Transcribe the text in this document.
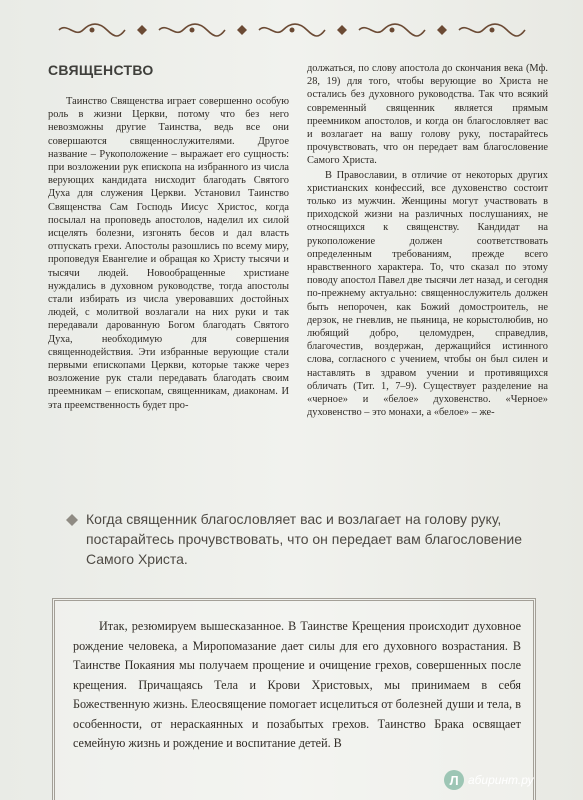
СВЯЩЕНСТВО

Таинство Священства играет совершенно особую роль в жизни Церкви, потому что без него невозможны другие Таинства, ведь все они совершаются священнослужителями. Другое название – Рукоположение – выражает его сущность: при возложении рук епископа на избранного из числа верующих кандидата нисходит благодать Святого Духа для служения Церкви. Установил Таинство Священства Сам Господь Иисус Христос, когда посылал на проповедь апостолов, наделил их силой исцелять болезни, изгонять бесов и дал власть отпускать грехи. Апостолы разошлись по всему миру, проповедуя Евангелие и обращая ко Христу тысячи и тысячи людей. Новообращенные христиане нуждались в духовном руководстве, тогда апостолы стали избирать из числа уверовавших достойных людей, с молитвой возлагали на них руки и так передавали дарованную Богом благодать Святого Духа, необходимую для совершения священнодействия. Эти избранные верующие стали первыми епископами Церкви, которые также через возложение рук стали передавать благодать своим преемникам – епископам, священникам, диаконам. И эта преемственность будет про-

должаться, по слову апостола до скончания века (Мф. 28, 19) для того, чтобы верующие во Христа не остались без духовного руководства. Так что всякий современный священник является прямым преемником апостолов, и когда он благословляет вас и возлагает на вашу голову руку, постарайтесь прочувствовать, что он передает вам благословение Самого Христа.

В Православии, в отличие от некоторых других христианских конфессий, все духовенство состоит только из мужчин. Женщины могут участвовать в приходской жизни на различных послушаниях, не относящихся к священству. Кандидат на рукоположение должен соответствовать определенным требованиям, прежде всего нравственного характера. То, что сказал по этому поводу апостол Павел две тысячи лет назад, и сегодня по-прежнему актуально: священнослужитель должен быть непорочен, как Божий домостроитель, не дерзок, не гневлив, не пьяница, не корыстолюбив, но любящий добро, целомудрен, справедлив, благочестив, воздержан, держащийся истинного слова, согласного с учением, чтобы он был силен и наставлять в здравом учении и противящихся обличать (Тит. 1, 7–9). Существует разделение на «черное» и «белое» духовенство. «Черное» духовенство – это монахи, а «белое» – же-

Когда священник благословляет вас и возлагает на голову руку, постарайтесь прочувствовать, что он передает вам благословение Самого Христа.

Итак, резюмируем вышесказанное. В Таинстве Крещения происходит духовное рождение человека, а Миропомазание дает силы для его духовного возрастания. В Таинстве Покаяния мы получаем прощение и очищение грехов, совершенных после крещения. Причащаясь Тела и Крови Христовых, мы принимаем в себя Божественную жизнь. Елеосвящение помогает исцелиться от болезней души и тела, в особенности, от нераскаянных и позабытых грехов. Таинство Брака освящает семейную жизнь и рождение и воспитание детей. В

Л абиринт.ру
